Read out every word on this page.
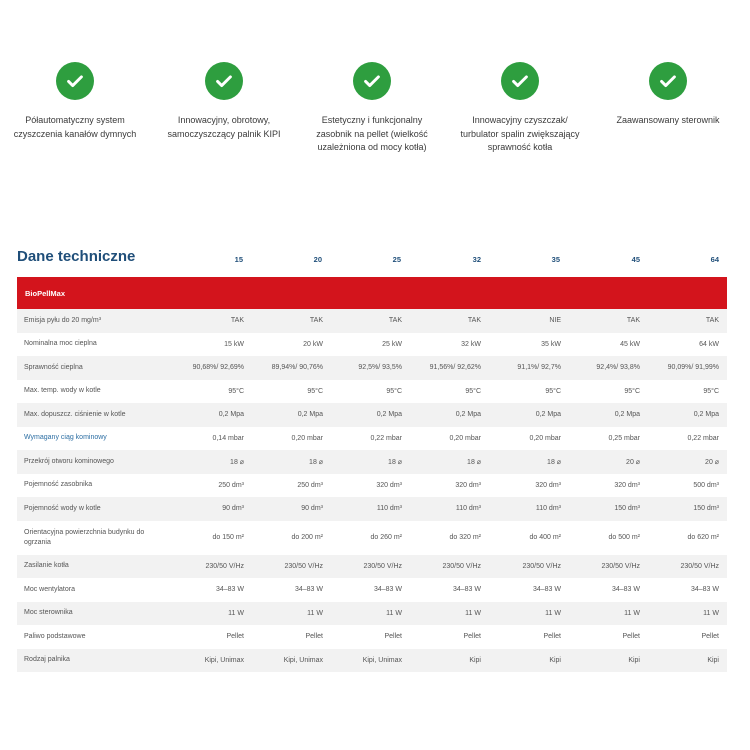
Półautomatyczny system czyszczenia kanałów dymnych
Innowacyjny, obrotowy, samoczyszczący palnik KIPI
Estetyczny i funkcjonalny zasobnik na pellet (wielkość uzależniona od mocy kotła)
Innowacyjny czyszczak/ turbulator spalin zwiększający sprawność kotła
Zaawansowany sterownik
Dane techniczne	15	20	25	32	35	45	64
BioPellMax
Emisja pyłu do 20 mg/m³	TAK	TAK	TAK	TAK	NIE	TAK	TAK
Nominalna moc cieplna	15 kW	20 kW	25 kW	32 kW	35 kW	45 kW	64 kW
Sprawność cieplna	90,68%/ 92,69%	89,94%/ 90,76%	92,5%/ 93,5%	91,56%/ 92,62%	91,1%/ 92,7%	92,4%/ 93,8%	90,09%/ 91,99%
Max. temp. wody w kotle	95°C	95°C	95°C	95°C	95°C	95°C	95°C
Max. dopuszcz. ciśnienie w kotle	0,2 Mpa	0,2 Mpa	0,2 Mpa	0,2 Mpa	0,2 Mpa	0,2 Mpa	0,2 Mpa
Wymagany ciąg kominowy	0,14 mbar	0,20 mbar	0,22 mbar	0,20 mbar	0,20 mbar	0,25 mbar	0,22 mbar
Przekrój otworu kominowego	18 ⌀	18 ⌀	18 ⌀	18 ⌀	18 ⌀	20 ⌀	20 ⌀
Pojemność zasobnika	250 dm³	250 dm³	320 dm³	320 dm³	320 dm³	320 dm³	500 dm³
Pojemność wody w kotle	90 dm³	90 dm³	110 dm³	110 dm³	110 dm³	150 dm³	150 dm³
Orientacyjna powierzchnia budynku do ogrzania
do 150 m²	do 200 m²	do 260 m²	do 320 m²	do 400 m²	do 500 m²	do 620 m²
Zasilanie kotła	230/50 V/Hz	230/50 V/Hz	230/50 V/Hz	230/50 V/Hz	230/50 V/Hz	230/50 V/Hz	230/50 V/Hz
Moc wentylatora	34–83 W	34–83 W	34–83 W	34–83 W	34–83 W	34–83 W	34–83 W
Moc sterownika	11 W	11 W	11 W	11 W	11 W	11 W	11 W
Paliwo podstawowe	Pellet	Pellet	Pellet	Pellet	Pellet	Pellet	Pellet
Rodzaj palnika	Kipi, Unimax	Kipi, Unimax	Kipi, Unimax	Kipi	Kipi	Kipi	Kipi
